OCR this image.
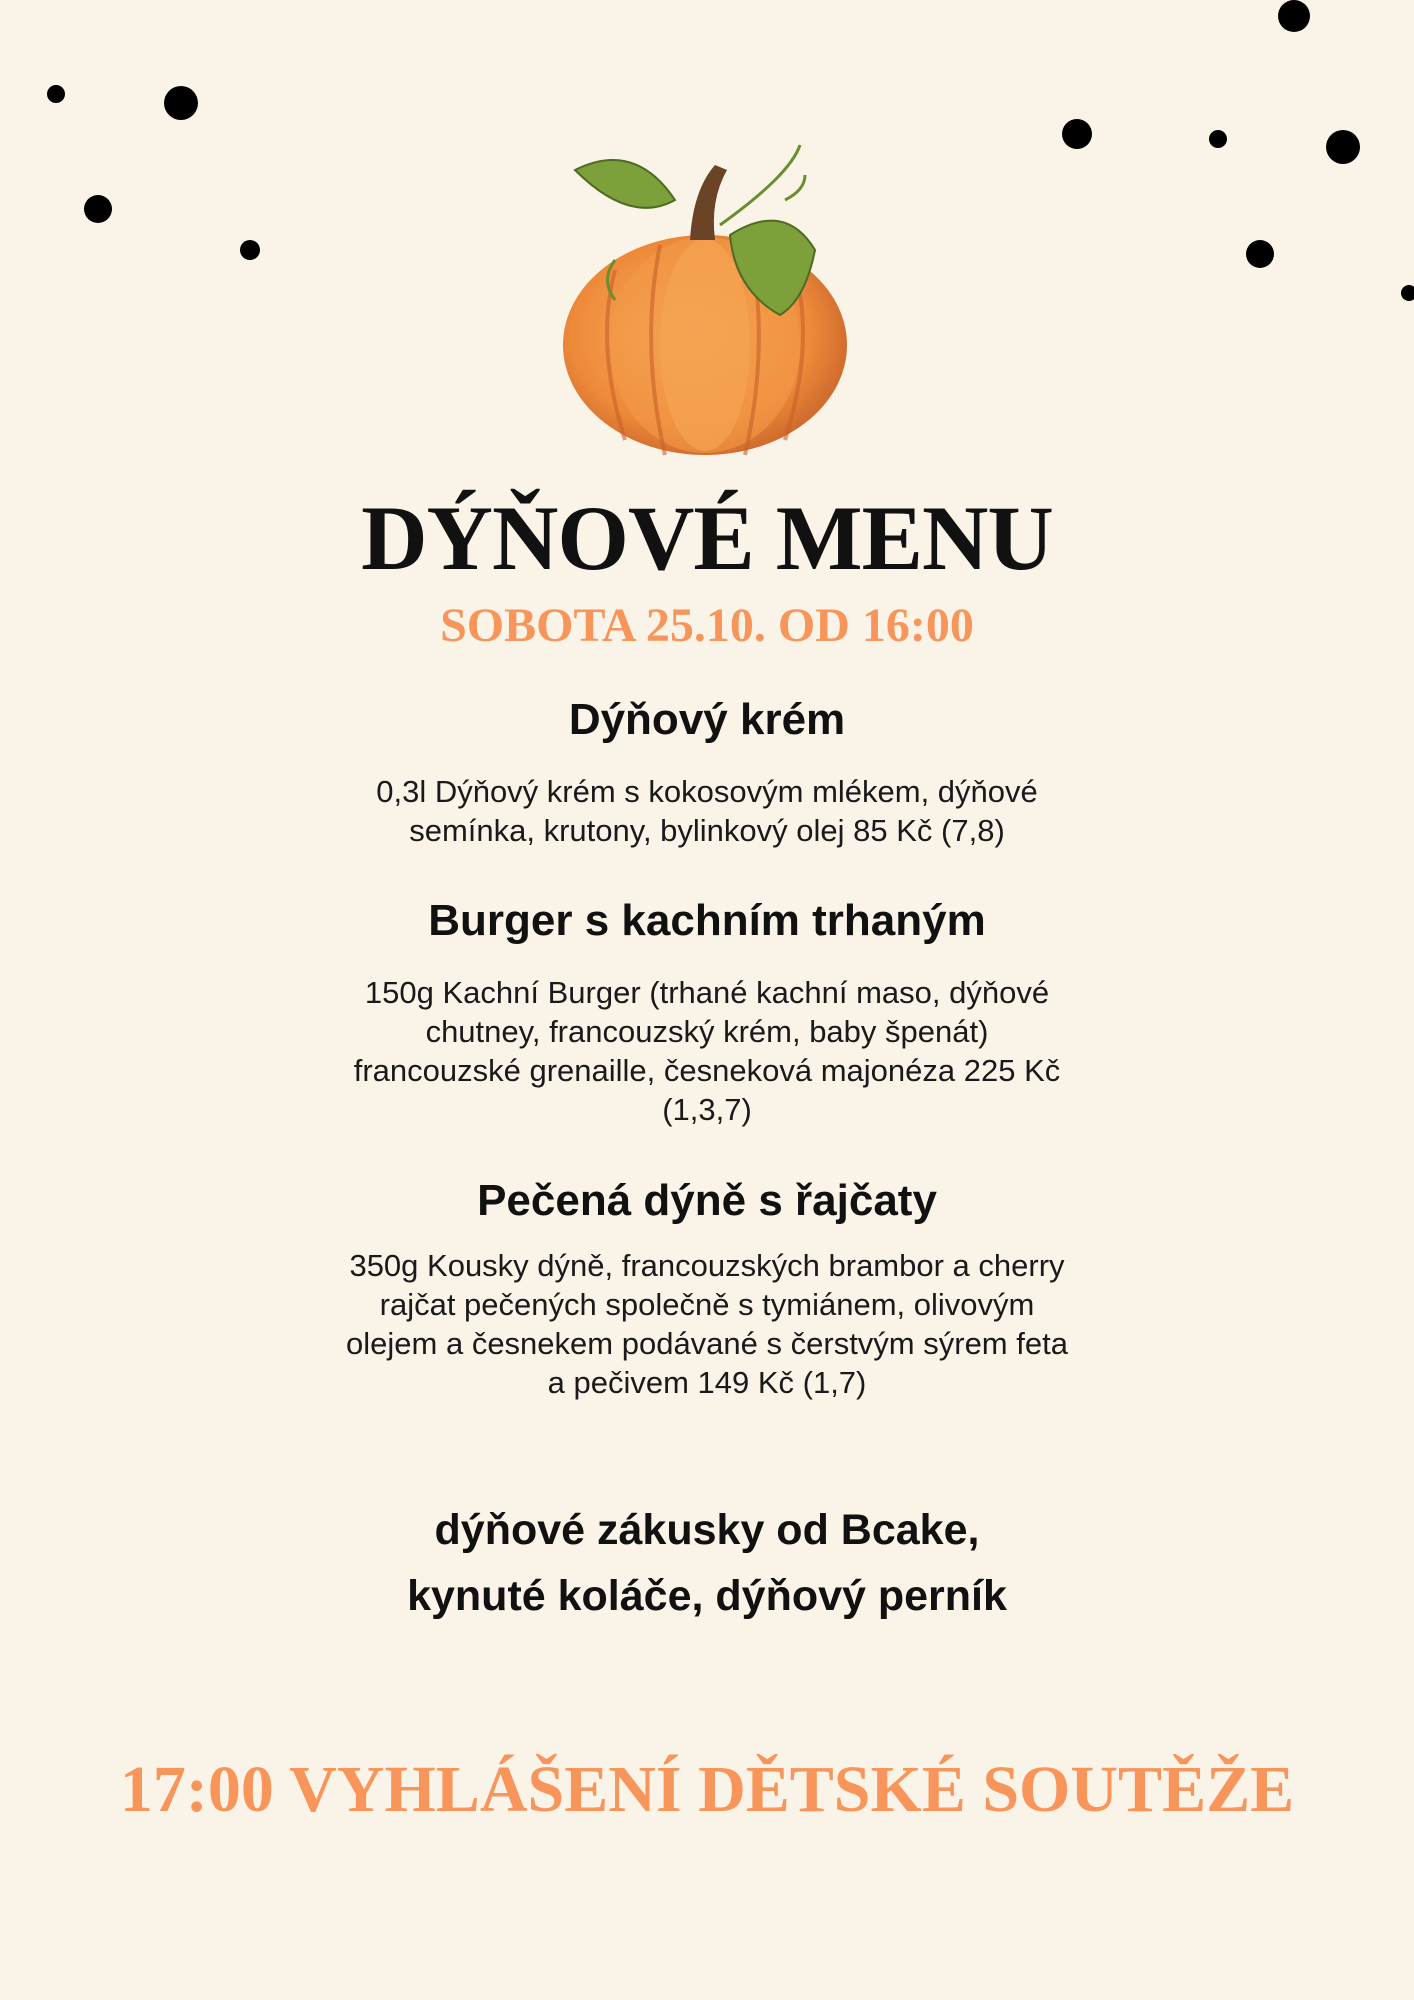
DÝŇOVÉ MENU
SOBOTA 25.10. OD 16:00
Dýňový krém
0,3l Dýňový krém s kokosovým mlékem, dýňové
semínka, krutony, bylinkový olej 85 Kč (7,8)
Burger s kachním trhaným
150g Kachní Burger (trhané kachní maso, dýňové
chutney, francouzský krém, baby špenát)
francouzské grenaille, česneková majonéza 225 Kč
(1,3,7)
Pečená dýně s řajčaty
350g Kousky dýně, francouzských brambor a cherry
rajčat pečených společně s tymiánem, olivovým
olejem a česnekem podávané s čerstvým sýrem feta
a pečivem 149 Kč (1,7)
dýňové zákusky od Bcake,
kynuté koláče, dýňový perník
17:00 VYHLÁŠENÍ DĚTSKÉ SOUTĚŽE
